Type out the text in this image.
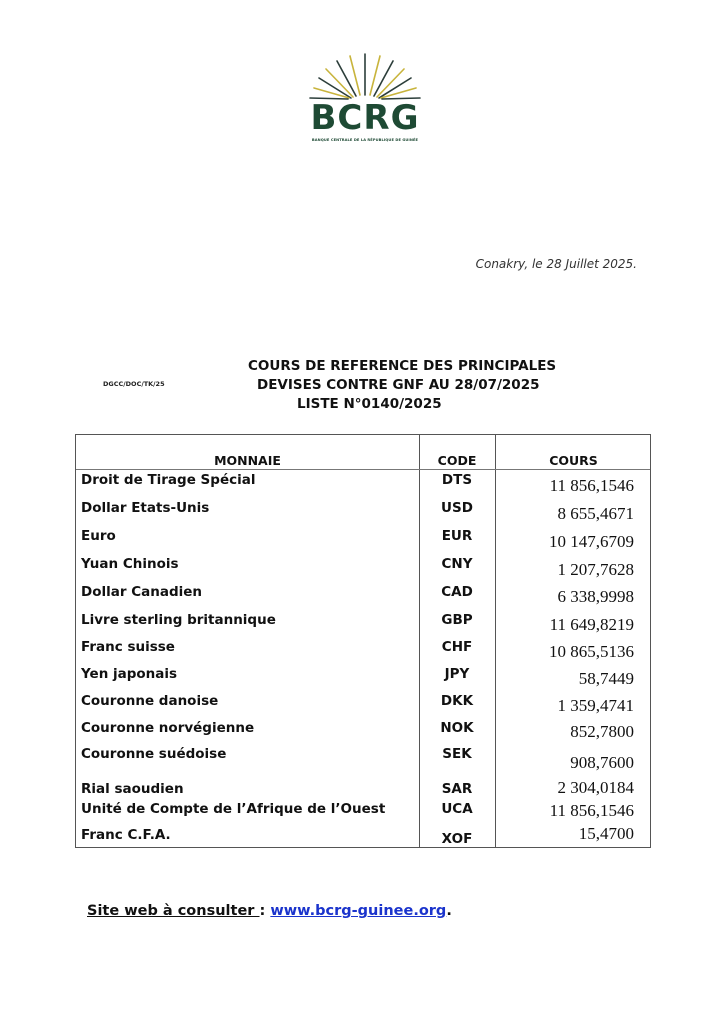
BCRG
BANQUE CENTRALE DE LA RÉPUBLIQUE DE GUINÉE
Conakry, le 28 Juillet 2025.
DGCC/DOC/TK/25
COURS DE REFERENCE DES PRINCIPALES
DEVISES CONTRE GNF AU 28/07/2025
LISTE N°0140/2025
MONNAIE	CODE	COURS
Droit de Tirage Spécial	DTS	11 856,1546
Dollar Etats-Unis	USD	8 655,4671
Euro	EUR	10 147,6709
Yuan Chinois	CNY	1 207,7628
Dollar Canadien	CAD	6 338,9998
Livre sterling britannique	GBP	11 649,8219
Franc suisse	CHF	10 865,5136
Yen japonais	JPY	58,7449
Couronne danoise	DKK	1 359,4741
Couronne norvégienne	NOK	852,7800
Couronne suédoise	SEK	908,7600
Rial saoudien	SAR	2 304,0184
Unité de Compte de l’Afrique de l’Ouest	UCA	11 856,1546
Franc C.F.A.	XOF	15,4700
Site web à consulter : www.bcrg-guinee.org.
